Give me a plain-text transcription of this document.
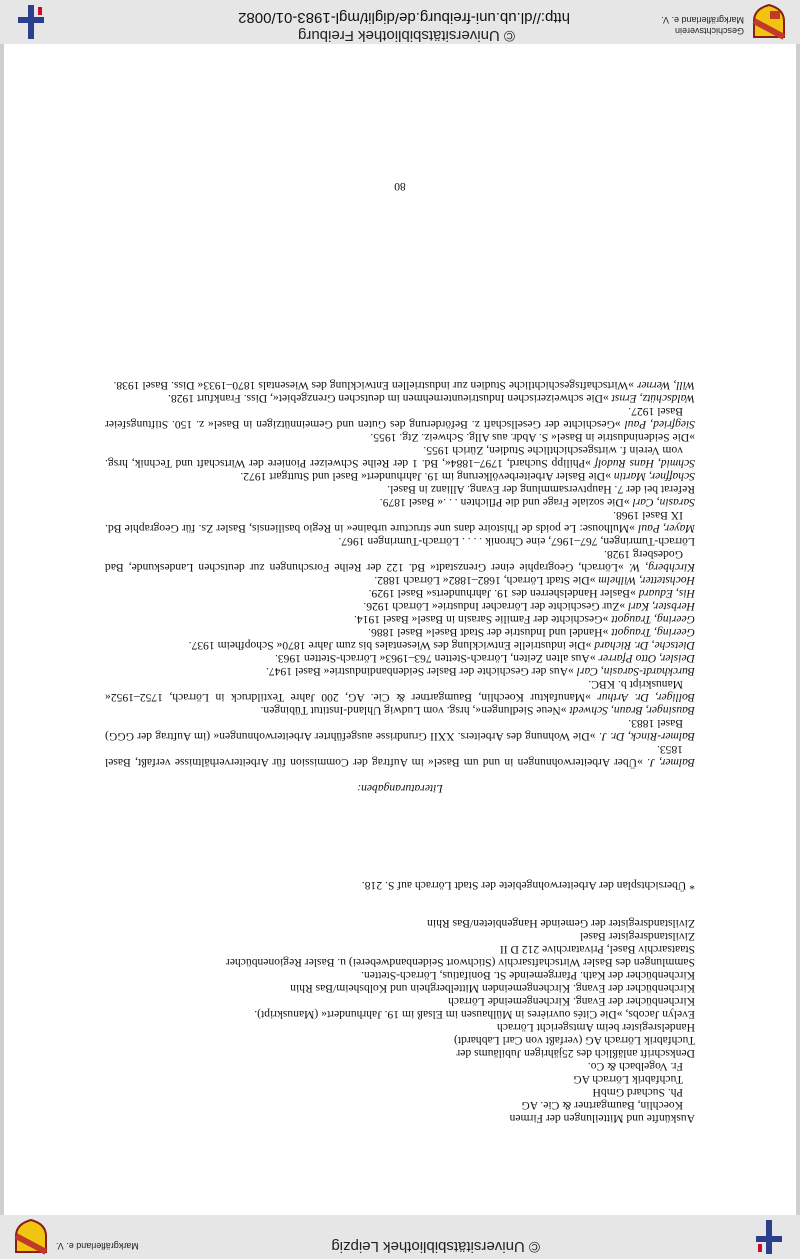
© Universitätsbibliothek Leipzig
Markgräflerland e. V.
Auskünfte und Mitteilungen der Firmen
Koechlin, Baumgartner & Cie. AG
Ph. Suchard GmbH
Tuchfabrik Lörrach AG
Fr. Vogelbach & Co.
Denkschrift anläßlich des 25jährigen Jubiläums der
Tuchfabrik Lörrach AG (verfaßt von Carl Labhardt)
Handelsregister beim Amtsgericht Lörrach
Evelyn Jacobs, »Die Cités ouvrières in Mülhausen im Elsaß im 19. Jahrhundert« (Manuskript).
Kirchenbücher der Evang. Kirchengemeinde Lörrach
Kirchenbücher der Evang. Kirchengemeinden Mittelberghein und Kolbsheim/Bas Rhin
Kirchenbücher der Kath. Pfarrgemeinde St. Bonifatius, Lörrach-Stetten.
Sammlungen des Basler Wirtschaftsarchiv (Stichwort Seidenbandweberei) u. Basler Regionenbücher
Staatsarchiv Basel, Privatarchive 212 D II
Zivilstandsregister Basel
Zivilstandsregister der Gemeinde Hangenbieten/Bas Rhin
* Übersichtsplan der Arbeiterwohngebiete der Stadt Lörrach auf S. 218.
Literaturangaben:

Balmer, J. »Über Arbeiterwohnungen in und um Basel« im Auftrag der Commission für Arbeiterverhältnisse verfaßt, Basel 1853.

Balmer-Rinck, Dr. J. »Die Wohnung des Arbeiters. XXII Grundrisse ausgeführter Arbeiterwohnungen« (im Auftrag der GGG) Basel 1883.

Bausinger, Braun, Schwedt »Neue Siedlungen«, hrsg. vom Ludwig Uhland-Institut Tübingen.

Bolliger, Dr. Arthur »Manufaktur Koechlin, Baumgartner & Cie. AG, 200 Jahre Textildruck in Lörrach, 1752–1952« Manuskript b. KBC.

Burckhardt-Sarasin, Carl »Aus der Geschichte der Basler Seidenbandindustrie« Basel 1947.

Deisler, Otto Pfarrer »Aus alten Zeiten, Lörrach-Stetten 763–1963« Lörrach-Stetten 1963.

Dietsche, Dr. Richard »Die industrielle Entwicklung des Wiesentales bis zum Jahre 1870« Schopfheim 1937.

Geering, Traugott »Handel und Industrie der Stadt Basel« Basel 1886.

Geering, Traugott »Geschichte der Familie Sarasin in Basel« Basel 1914.

Herbster, Karl »Zur Geschichte der Lörracher Industrie« Lörrach 1926.

His, Eduard »Basler Handelsherren des 19. Jahrhunderts« Basel 1929.

Hochstetter, Wilhelm »Die Stadt Lörrach, 1682–1882« Lörrach 1882.

Kirchberg, W. »Lörrach, Geographie einer Grenzstadt« Bd. 122 der Reihe Forschungen zur deutschen Landeskunde, Bad Godesberg 1928.

Lörrach-Tumringen, 767–1967, eine Chronik . . . . Lörrach-Tumringen 1967.

Mayer, Paul »Mulhouse: Le poids de l'histoire dans une structure urbaine« in Regio basiliensis, Basler Zs. für Geographie Bd. IX Basel 1968.

Sarasin, Carl »Die soziale Frage und die Pflichten . . .« Basel 1879.

Referat bei der 7. Hauptversammlung der Evang. Allianz in Basel.

Schaffner, Martin »Die Basler Arbeiterbevölkerung im 19. Jahrhundert« Basel und Stuttgart 1972.

Schmid, Hans Rudolf »Philipp Suchard, 1797–1884«, Bd. 1 der Reihe Schweizer Pioniere der Wirtschaft und Technik, hrsg. vom Verein f. wirtsgeschichtliche Studien, Zürich 1955.

»Die Seidenindustrie in Basel« S. Abdr. aus Allg. Schweiz. Ztg. 1955.

Siegfried, Paul »Geschichte der Gesellschaft z. Beförderung des Guten und Gemeinnützigen in Basel« z. 150. Stiftungsfeier Basel 1927.

Waldschütz, Ernst »Die schweizerischen Industrieunternehmen im deutschen Grenzgebiet«, Diss. Frankfurt 1928.

Will, Werner »Wirtschaftsgeschichtliche Studien zur industriellen Entwicklung des Wiesentals 1870–1933« Diss. Basel 1938.

80
Geschichtsverein
Markgräflerland e. V.
© Universitätsbibliothek Freiburg
http://dl.ub.uni-freiburg.de/diglit/mgl-1983-01/0082
